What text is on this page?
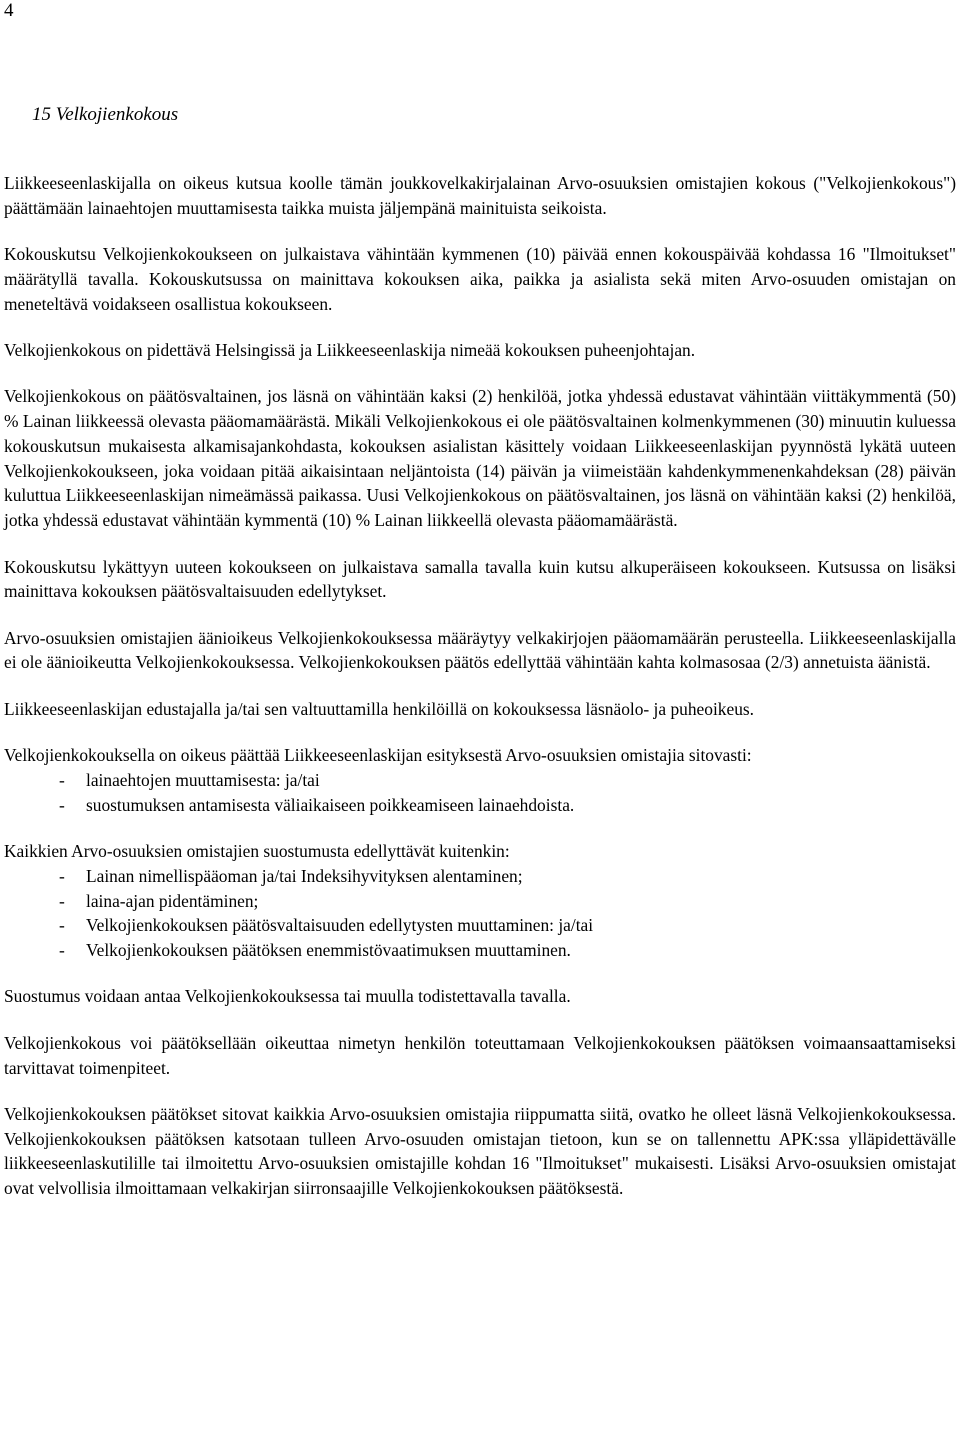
4
15 Velkojienkokous

Liikkeeseenlaskijalla on oikeus kutsua koolle tämän joukkovelkakirjalainan Arvo-osuuksien omistajien kokous ("Velkojienkokous") päättämään lainaehtojen muuttamisesta taikka muista jäljempänä mainituista seikoista.

Kokouskutsu Velkojienkokoukseen on julkaistava vähintään kymmenen (10) päivää ennen kokouspäivää kohdassa 16 "Ilmoitukset" määrätyllä tavalla. Kokouskutsussa on mainittava kokouksen aika, paikka ja asialista sekä miten Arvo-osuuden omistajan on meneteltävä voidakseen osallistua kokoukseen.

Velkojienkokous on pidettävä Helsingissä ja Liikkeeseenlaskija nimeää kokouksen puheenjohtajan.

Velkojienkokous on päätösvaltainen, jos läsnä on vähintään kaksi (2) henkilöä, jotka yhdessä edustavat vähintään viittäkymmentä (50) % Lainan liikkeessä olevasta pääomamäärästä. Mikäli Velkojienkokous ei ole päätösvaltainen kolmenkymmenen (30) minuutin kuluessa kokouskutsun mukaisesta alkamisajankohdasta, kokouksen asialistan käsittely voidaan Liikkeeseenlaskijan pyynnöstä lykätä uuteen Velkojienkokoukseen, joka voidaan pitää aikaisintaan neljäntoista (14) päivän ja viimeistään kahdenkymmenenkahdeksan (28) päivän kuluttua Liikkeeseenlaskijan nimeämässä paikassa. Uusi Velkojienkokous on päätösvaltainen, jos läsnä on vähintään kaksi (2) henkilöä, jotka yhdessä edustavat vähintään kymmentä (10) % Lainan liikkeellä olevasta pääomamäärästä.

Kokouskutsu lykättyyn uuteen kokoukseen on julkaistava samalla tavalla kuin kutsu alkuperäiseen kokoukseen. Kutsussa on lisäksi mainittava kokouksen päätösvaltaisuuden edellytykset.

Arvo-osuuksien omistajien äänioikeus Velkojienkokouksessa määräytyy velkakirjojen pääomamäärän perusteella. Liikkeeseenlaskijalla ei ole äänioikeutta Velkojienkokouksessa. Velkojienkokouksen päätös edellyttää vähintään kahta kolmasosaa (2/3) annetuista äänistä.

Liikkeeseenlaskijan edustajalla ja/tai sen valtuuttamilla henkilöillä on kokouksessa läsnäolo- ja puheoikeus.

Velkojienkokouksella on oikeus päättää Liikkeeseenlaskijan esityksestä Arvo-osuuksien omistajia sitovasti:

- lainaehtojen muuttamisesta: ja/tai
- suostumuksen antamisesta väliaikaiseen poikkeamiseen lainaehdoista.

Kaikkien Arvo-osuuksien omistajien suostumusta edellyttävät kuitenkin:

- Lainan nimellispääoman ja/tai Indeksihyvityksen alentaminen;
- laina-ajan pidentäminen;
- Velkojienkokouksen päätösvaltaisuuden edellytysten muuttaminen: ja/tai
- Velkojienkokouksen päätöksen enemmistövaatimuksen muuttaminen.

Suostumus voidaan antaa Velkojienkokouksessa tai muulla todistettavalla tavalla.

Velkojienkokous voi päätöksellään oikeuttaa nimetyn henkilön toteuttamaan Velkojienkokouksen päätöksen voimaansaattamiseksi tarvittavat toimenpiteet.

Velkojienkokouksen päätökset sitovat kaikkia Arvo-osuuksien omistajia riippumatta siitä, ovatko he olleet läsnä Velkojienkokouksessa. Velkojienkokouksen päätöksen katsotaan tulleen Arvo-osuuden omistajan tietoon, kun se on tallennettu APK:ssa ylläpidettävälle liikkeeseenlaskutilille tai ilmoitettu Arvo-osuuksien omistajille kohdan 16 "Ilmoitukset" mukaisesti. Lisäksi Arvo-osuuksien omistajat ovat velvollisia ilmoittamaan velkakirjan siirronsaajille Velkojienkokouksen päätöksestä.
